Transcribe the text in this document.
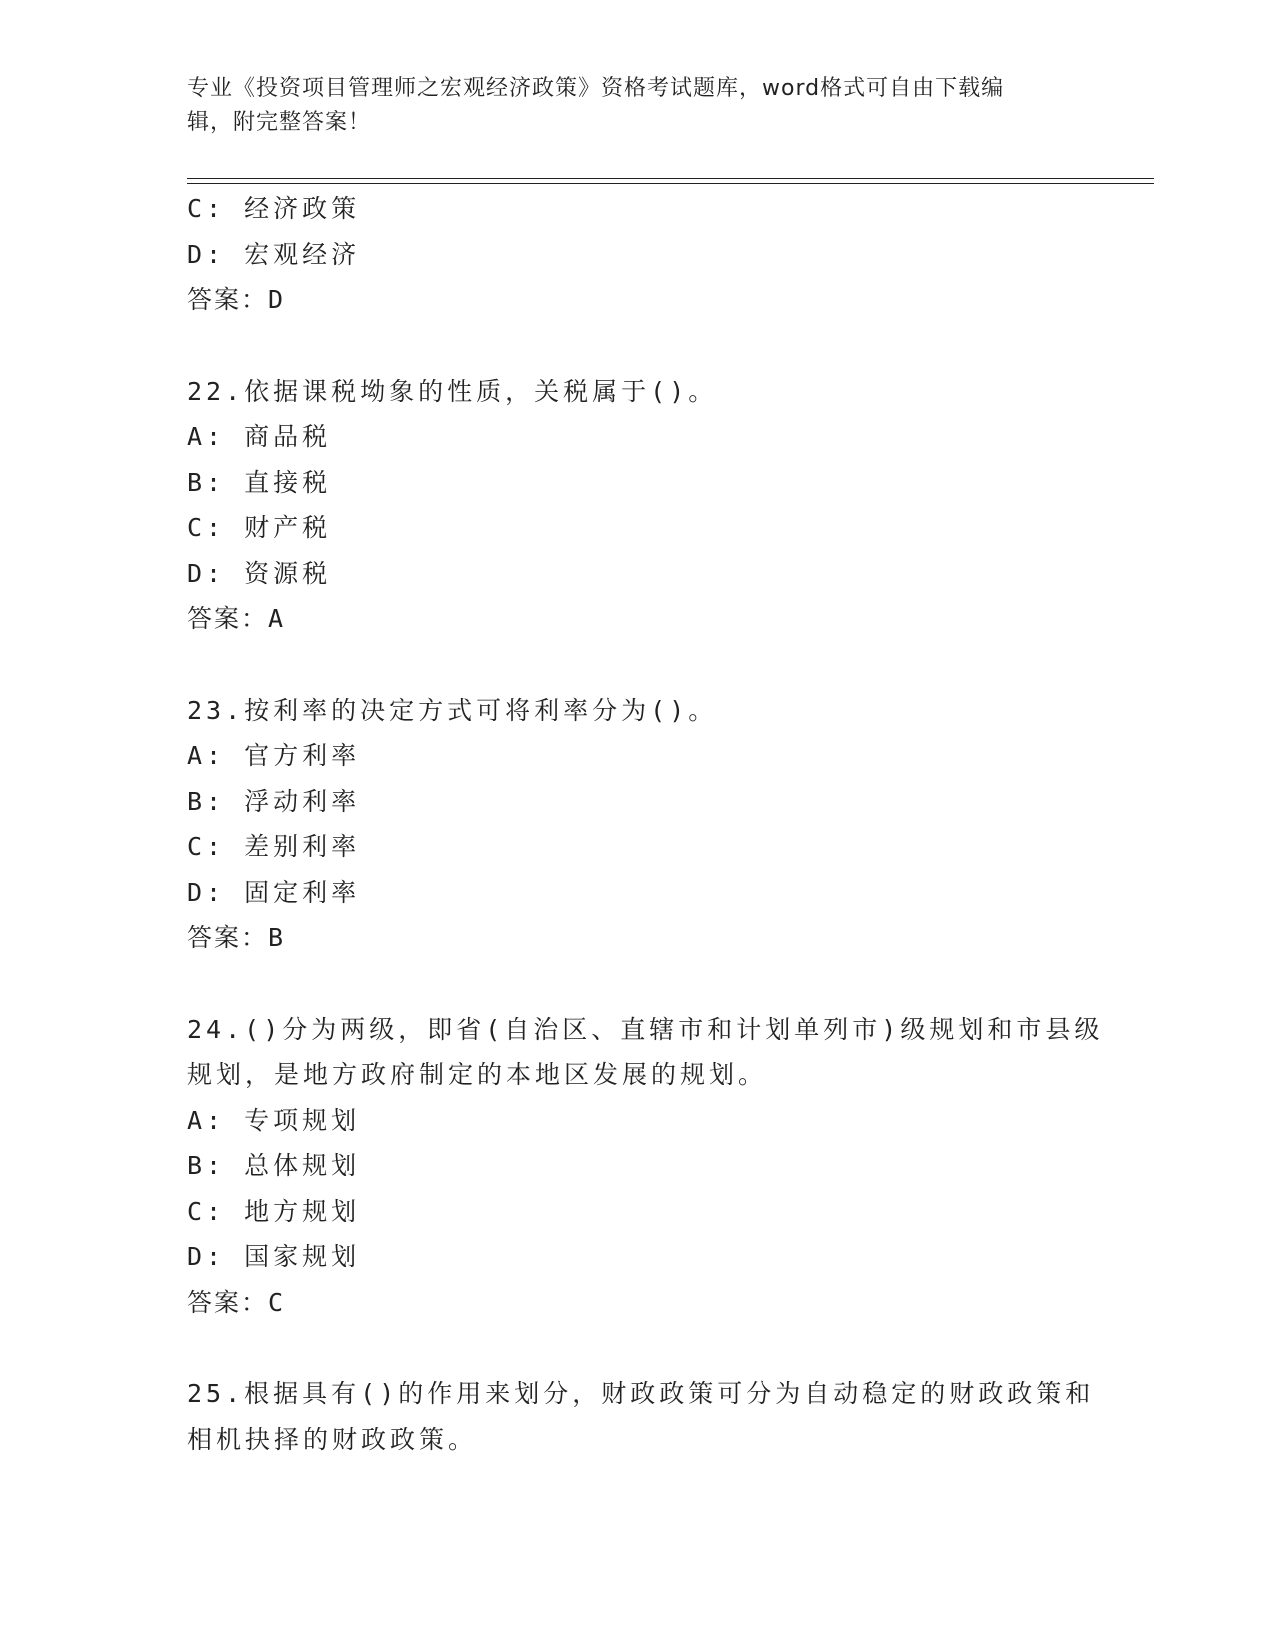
专业《投资项目管理师之宏观经济政策》资格考试题库，word格式可自由下载编
辑，附完整答案！
C: 经济政策
D: 宏观经济
答案：D
22.依据课税坳象的性质，关税属于()。
A: 商品税
B: 直接税
C: 财产税
D: 资源税
答案：A
23.按利率的决定方式可将利率分为()。
A: 官方利率
B: 浮动利率
C: 差别利率
D: 固定利率
答案：B
24.()分为两级，即省(自治区、直辖市和计划单列市)级规划和市县级
规划，是地方政府制定的本地区发展的规划。
A: 专项规划
B: 总体规划
C: 地方规划
D: 国家规划
答案：C
25.根据具有()的作用来划分，财政政策可分为自动稳定的财政政策和
相机抉择的财政政策。
